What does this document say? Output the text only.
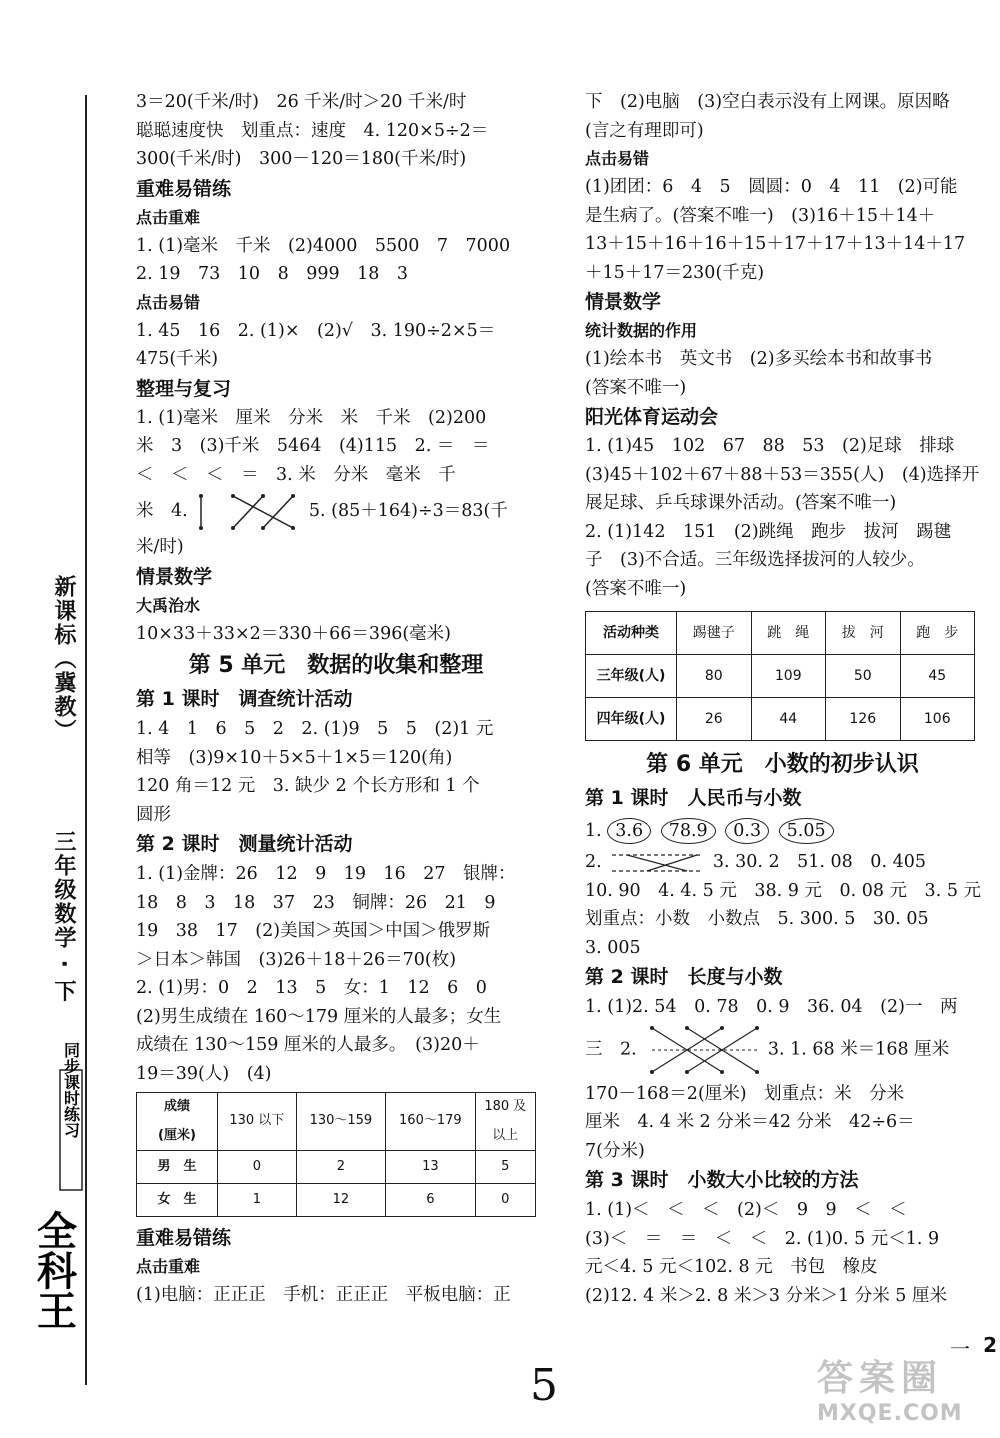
新课标（冀教）
三年级数学 · 下
同步课时练习
全科王
3＝20(千米/时)　26 千米/时＞20 千米/时
聪聪速度快　划重点：速度　4. 120×5÷2＝
300(千米/时)　300－120＝180(千米/时)
重难易错练
点击重难
1. (1)毫米　千米　(2)4000　5500　7　7000
2. 19　73　10　8　999　18　3
点击易错
1. 45　16　2. (1)×　(2)√　3. 190÷2×5＝
475(千米)
整理与复习
1. (1)毫米　厘米　分米　米　千米　(2)200
米　3　(3)千米　5464　(4)115　2. ＝　＝
＜　＜　＜　＝　3. 米　分米　毫米　千
米　4.	5. (85＋164)÷3＝83(千
米/时)
情景数学
大禹治水
10×33＋33×2＝330＋66＝396(毫米)
第 5 单元　数据的收集和整理
第 1 课时　调查统计活动
1. 4　1　6　5　2　2. (1)9　5　5　(2)1 元
相等　(3)9×10＋5×5＋1×5＝120(角)
120 角＝12 元　3. 缺少 2 个长方形和 1 个
圆形
第 2 课时　测量统计活动
1. (1)金牌：26　12　9　19　16　27　银牌：
18　8　3　18　37　23　铜牌：26　21　9
19　38　17　(2)美国＞英国＞中国＞俄罗斯
＞日本＞韩国　(3)26＋18＋26＝70(枚)
2. (1)男：0　2　13　5　女：1　12　6　0
(2)男生成绩在 160～179 厘米的人最多；女生
成绩在 130～159 厘米的人最多。　(3)20＋
19＝39(人)　(4)
成绩
(厘米)	130 以下	130～159	160～179	180 及
以上
男　生	0	2	13	5
女　生	1	12	6	0
重难易错练
点击重难
(1)电脑：正正正　手机：正正正　平板电脑：正
下　(2)电脑　(3)空白表示没有上网课。原因略
(言之有理即可)
点击易错
(1)团团：6　4　5　圆圆：0　4　11　(2)可能
是生病了。(答案不唯一)　(3)16＋15＋14＋
13＋15＋16＋16＋15＋17＋17＋13＋14＋17
＋15＋17＝230(千克)
情景数学
统计数据的作用
(1)绘本书　英文书　(2)多买绘本书和故事书
(答案不唯一)
阳光体育运动会
1. (1)45　102　67　88　53　(2)足球　排球
(3)45＋102＋67＋88＋53＝355(人)　(4)选择开
展足球、乒乓球课外活动。(答案不唯一)
2. (1)142　151　(2)跳绳　跑步　拔河　踢毽
子　(3)不合适。三年级选择拔河的人较少。
(答案不唯一)
活动种类	踢毽子	跳　绳	拔　河	跑　步
三年级(人)	80	109	50	45
四年级(人)	26	44	126	106
第 6 单元　小数的初步认识
第 1 课时　人民币与小数
1. 3.6 78.9 0.3 5.05
2.	3. 30. 2　51. 08　0. 405
10. 90　4. 4. 5 元　38. 9 元　0. 08 元　3. 5 元
划重点：小数　小数点　5. 300. 5　30. 05
3. 005
第 2 课时　长度与小数
1. (1)2. 54　0. 78　0. 9　36. 04　(2)一　两
三　2.	3. 1. 68 米＝168 厘米
170－168＝2(厘米)　划重点：米　分米
厘米　4. 4 米 2 分米＝42 分米　42÷6＝
7(分米)
第 3 课时　小数大小比较的方法
1. (1)＜　＜　＜　(2)＜　9　9　＜　＜
(3)＜　＝　＝　＜　＜　2. (1)0. 5 元＜1. 9
元＜4. 5 元＜102. 8 元　书包　橡皮
(2)12. 4 米＞2. 8 米＞3 分米＞1 分米 5 厘米
一 2
5	答案圈
MXQE.COM
